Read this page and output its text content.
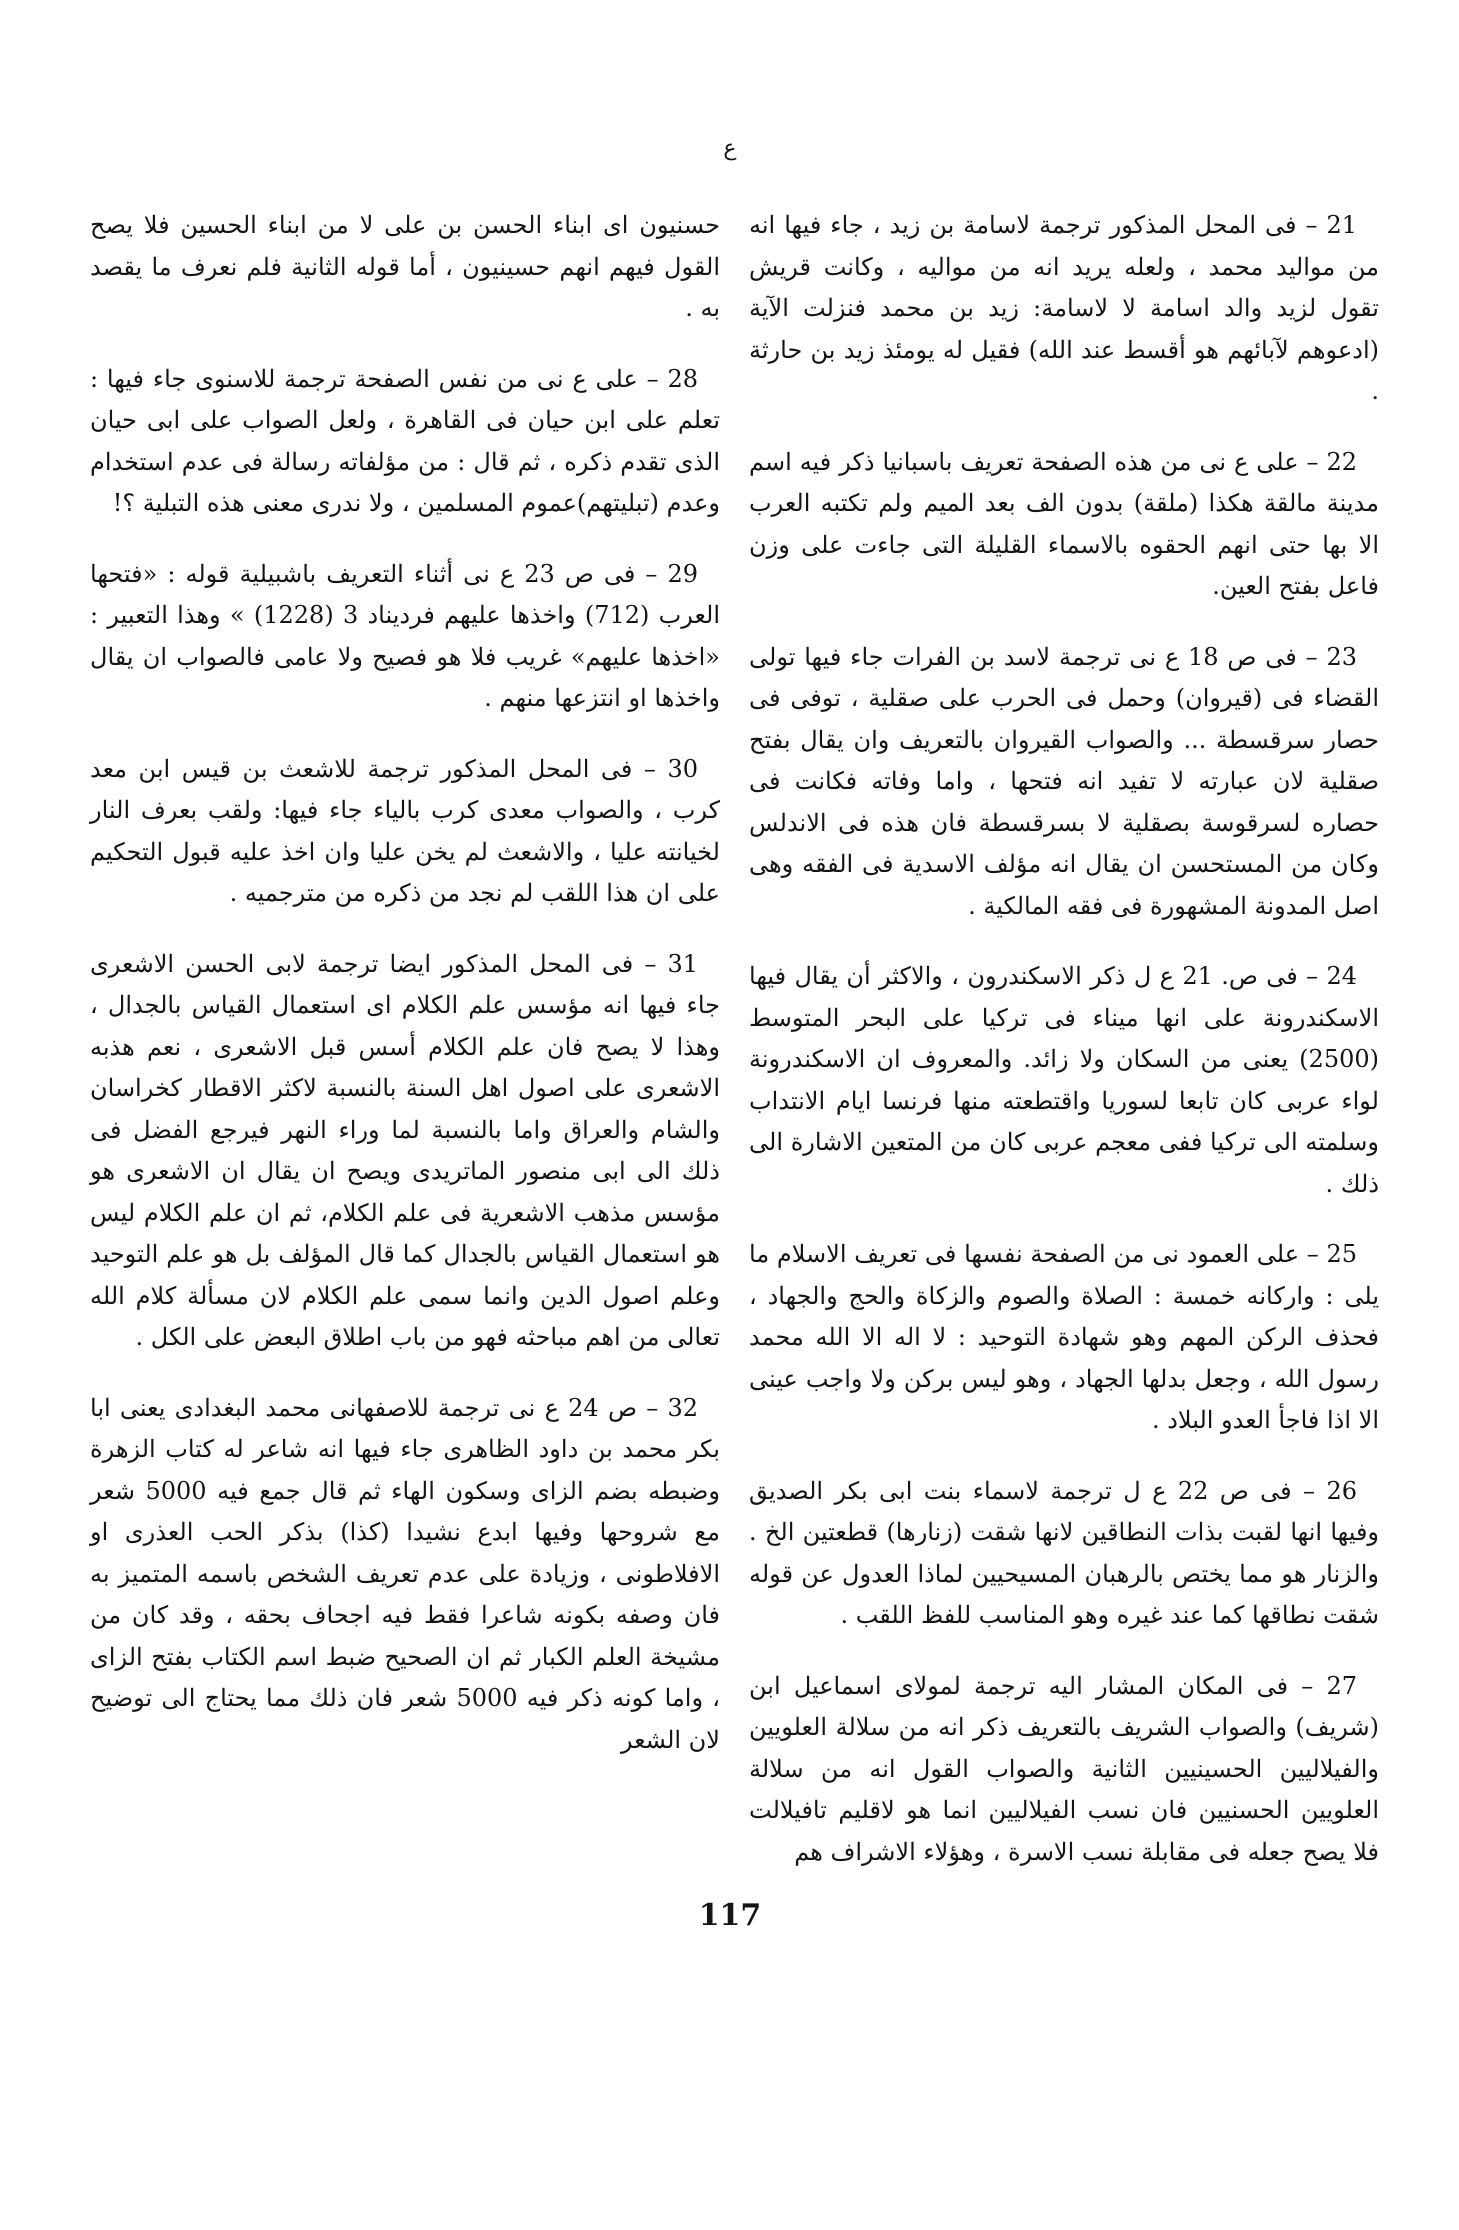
ع

21 – فى المحل المذكور ترجمة لاسامة بن زيد ، جاء فيها انه من مواليد محمد ، ولعله يريد انه من مواليه ، وكانت قريش تقول لزيد والد اسامة لا لاسامة: زيد بن محمد فنزلت الآية (ادعوهم لآبائهم هو أقسط عند الله) فقيل له يومئذ زيد بن حارثة .

22 – على ع نى من هذه الصفحة تعريف باسبانيا ذكر فيه اسم مدينة مالقة هكذا (ملقة) بدون الف بعد الميم ولم تكتبه العرب الا بها حتى انهم الحقوه بالاسماء القليلة التى جاءت على وزن فاعل بفتح العين.

23 – فى ص 18 ع نى ترجمة لاسد بن الفرات جاء فيها تولى القضاء فى (قيروان) وحمل فى الحرب على صقلية ، توفى فى حصار سرقسطة ... والصواب القيروان بالتعريف وان يقال بفتح صقلية لان عبارته لا تفيد انه فتحها ، واما وفاته فكانت فى حصاره لسرقوسة بصقلية لا بسرقسطة فان هذه فى الاندلس وكان من المستحسن ان يقال انه مؤلف الاسدية فى الفقه وهى اصل المدونة المشهورة فى فقه المالكية .

24 – فى ص. 21 ع ل ذكر الاسكندرون ، والاكثر أن يقال فيها الاسكندرونة على انها ميناء فى تركيا على البحر المتوسط (2500) يعنى من السكان ولا زائد. والمعروف ان الاسكندرونة لواء عربى كان تابعا لسوريا واقتطعته منها فرنسا ايام الانتداب وسلمته الى تركيا ففى معجم عربى كان من المتعين الاشارة الى ذلك .

25 – على العمود نى من الصفحة نفسها فى تعريف الاسلام ما يلى : واركانه خمسة : الصلاة والصوم والزكاة والحج والجهاد ، فحذف الركن المهم وهو شهادة التوحيد : لا اله الا الله محمد رسول الله ، وجعل بدلها الجهاد ، وهو ليس بركن ولا واجب عينى الا اذا فاجأ العدو البلاد .

26 – فى ص 22 ع ل ترجمة لاسماء بنت ابى بكر الصديق وفيها انها لقبت بذات النطاقين لانها شقت (زنارها) قطعتين الخ . والزنار هو مما يختص بالرهبان المسيحيين لماذا العدول عن قوله شقت نطاقها كما عند غيره وهو المناسب للفظ اللقب .

27 – فى المكان المشار اليه ترجمة لمولاى اسماعيل ابن (شريف) والصواب الشريف بالتعريف ذكر انه من سلالة العلويين والفيلاليين الحسينيين الثانية والصواب القول انه من سلالة العلويين الحسنيين فان نسب الفيلاليين انما هو لاقليم تافيلالت فلا يصح جعله فى مقابلة نسب الاسرة ، وهؤلاء الاشراف هم

حسنيون اى ابناء الحسن بن على لا من ابناء الحسين فلا يصح القول فيهم انهم حسينيون ، أما قوله الثانية فلم نعرف ما يقصد به .

28 – على ع نى من نفس الصفحة ترجمة للاسنوى جاء فيها : تعلم على ابن حيان فى القاهرة ، ولعل الصواب على ابى حيان الذى تقدم ذكره ، ثم قال : من مؤلفاته رسالة فى عدم استخدام وعدم (تبليتهم)عموم المسلمين ، ولا ندرى معنى هذه التبلية ؟!

29 – فى ص 23 ع نى أثناء التعريف باشبيلية قوله : «فتحها العرب (712) واخذها عليهم فرديناد 3 (1228) » وهذا التعبير : «اخذها عليهم» غريب فلا هو فصيح ولا عامى فالصواب ان يقال واخذها او انتزعها منهم .

30 – فى المحل المذكور ترجمة للاشعث بن قيس ابن معد كرب ، والصواب معدى كرب بالياء جاء فيها: ولقب بعرف النار لخيانته عليا ، والاشعث لم يخن عليا وان اخذ عليه قبول التحكيم على ان هذا اللقب لم نجد من ذكره من مترجميه .

31 – فى المحل المذكور ايضا ترجمة لابى الحسن الاشعرى جاء فيها انه مؤسس علم الكلام اى استعمال القياس بالجدال ، وهذا لا يصح فان علم الكلام أسس قبل الاشعرى ، نعم هذبه الاشعرى على اصول اهل السنة بالنسبة لاكثر الاقطار كخراسان والشام والعراق واما بالنسبة لما وراء النهر فيرجع الفضل فى ذلك الى ابى منصور الماتريدى ويصح ان يقال ان الاشعرى هو مؤسس مذهب الاشعرية فى علم الكلام، ثم ان علم الكلام ليس هو استعمال القياس بالجدال كما قال المؤلف بل هو علم التوحيد وعلم اصول الدين وانما سمى علم الكلام لان مسألة كلام الله تعالى من اهم مباحثه فهو من باب اطلاق البعض على الكل .

32 – ص 24 ع نى ترجمة للاصفهانى محمد البغدادى يعنى ابا بكر محمد بن داود الظاهرى جاء فيها انه شاعر له كتاب الزهرة وضبطه بضم الزاى وسكون الهاء ثم قال جمع فيه 5000 شعر مع شروحها وفيها ابدع نشيدا (كذا) بذكر الحب العذرى او الافلاطونى ، وزيادة على عدم تعريف الشخص باسمه المتميز به فان وصفه بكونه شاعرا فقط فيه اجحاف بحقه ، وقد كان من مشيخة العلم الكبار ثم ان الصحيح ضبط اسم الكتاب بفتح الزاى ، واما كونه ذكر فيه 5000 شعر فان ذلك مما يحتاج الى توضيح لان الشعر

117
